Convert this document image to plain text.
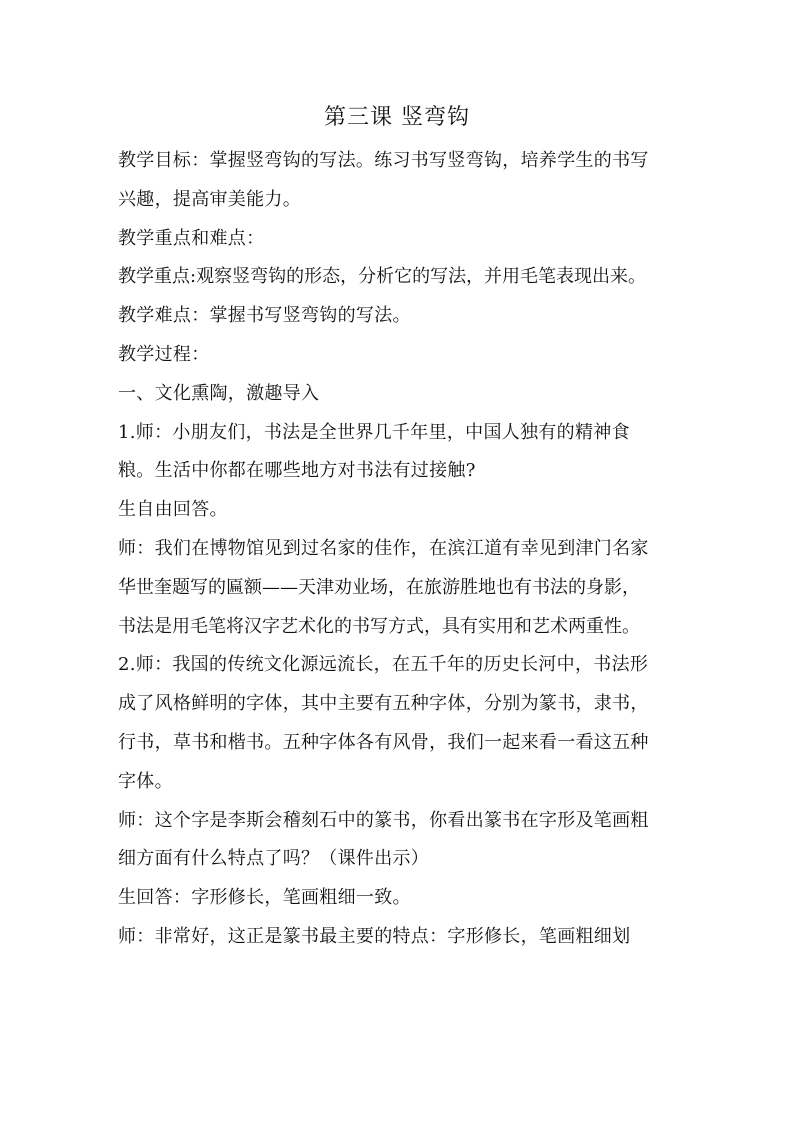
第三课 竖弯钩
教学目标：掌握竖弯钩的写法。练习书写竖弯钩，培养学生的书写
兴趣，提高审美能力。
教学重点和难点：
教学重点:观察竖弯钩的形态，分析它的写法，并用毛笔表现出来。
教学难点：掌握书写竖弯钩的写法。
教学过程：
一、文化熏陶，激趣导入
1.师：小朋友们，书法是全世界几千年里，中国人独有的精神食
粮。生活中你都在哪些地方对书法有过接触?
生自由回答。
师：我们在博物馆见到过名家的佳作，在滨江道有幸见到津门名家
华世奎题写的匾额——天津劝业场，在旅游胜地也有书法的身影，
书法是用毛笔将汉字艺术化的书写方式，具有实用和艺术两重性。
2.师：我国的传统文化源远流长，在五千年的历史长河中，书法形
成了风格鲜明的字体，其中主要有五种字体，分别为篆书，隶书，
行书，草书和楷书。五种字体各有风骨，我们一起来看一看这五种
字体。
师：这个字是李斯会稽刻石中的篆书，你看出篆书在字形及笔画粗
细方面有什么特点了吗？（课件出示）
生回答：字形修长，笔画粗细一致。
师：非常好，这正是篆书最主要的特点：字形修长，笔画粗细划
